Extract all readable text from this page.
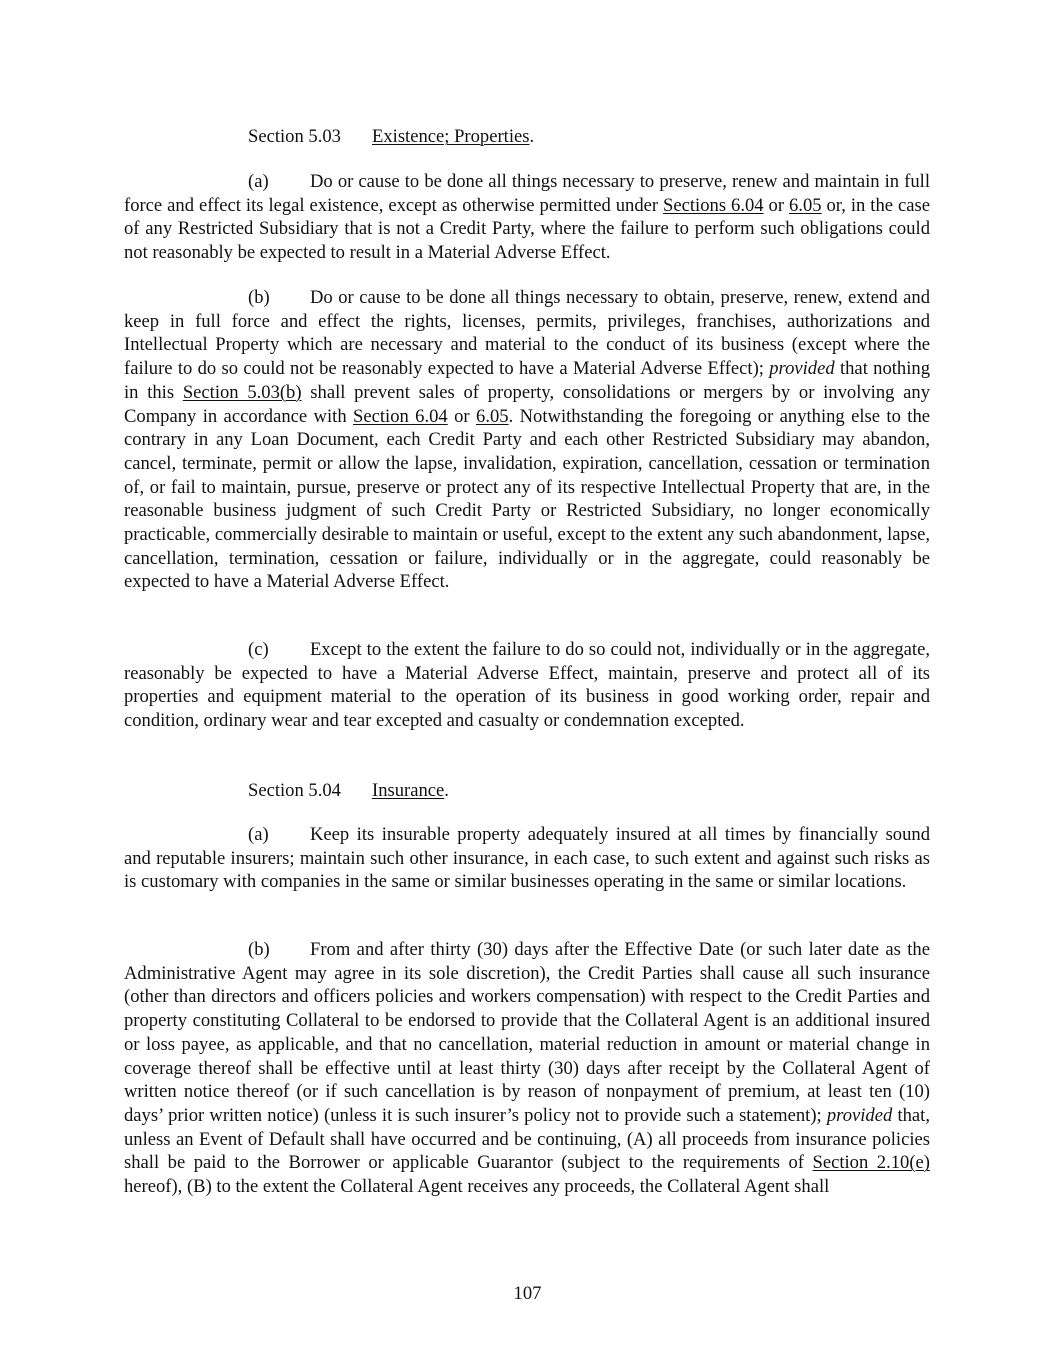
Section 5.03 Existence; Properties.

(a) Do or cause to be done all things necessary to preserve, renew and maintain in full force and effect its legal existence, except as otherwise permitted under Sections 6.04 or 6.05 or, in the case of any Restricted Subsidiary that is not a Credit Party, where the failure to perform such obligations could not reasonably be expected to result in a Material Adverse Effect.

(b) Do or cause to be done all things necessary to obtain, preserve, renew, extend and keep in full force and effect the rights, licenses, permits, privileges, franchises, authorizations and Intellectual Property which are necessary and material to the conduct of its business (except where the failure to do so could not be reasonably expected to have a Material Adverse Effect); provided that nothing in this Section 5.03(b) shall prevent sales of property, consolidations or mergers by or involving any Company in accordance with Section 6.04 or 6.05. Notwithstanding the foregoing or anything else to the contrary in any Loan Document, each Credit Party and each other Restricted Subsidiary may abandon, cancel, terminate, permit or allow the lapse, invalidation, expiration, cancellation, cessation or termination of, or fail to maintain, pursue, preserve or protect any of its respective Intellectual Property that are, in the reasonable business judgment of such Credit Party or Restricted Subsidiary, no longer economically practicable, commercially desirable to maintain or useful, except to the extent any such abandonment, lapse, cancellation, termination, cessation or failure, individually or in the aggregate, could reasonably be expected to have a Material Adverse Effect.

(c) Except to the extent the failure to do so could not, individually or in the aggregate, reasonably be expected to have a Material Adverse Effect, maintain, preserve and protect all of its properties and equipment material to the operation of its business in good working order, repair and condition, ordinary wear and tear excepted and casualty or condemnation excepted.

Section 5.04 Insurance.

(a) Keep its insurable property adequately insured at all times by financially sound and reputable insurers; maintain such other insurance, in each case, to such extent and against such risks as is customary with companies in the same or similar businesses operating in the same or similar locations.

(b) From and after thirty (30) days after the Effective Date (or such later date as the Administrative Agent may agree in its sole discretion), the Credit Parties shall cause all such insurance (other than directors and officers policies and workers compensation) with respect to the Credit Parties and property constituting Collateral to be endorsed to provide that the Collateral Agent is an additional insured or loss payee, as applicable, and that no cancellation, material reduction in amount or material change in coverage thereof shall be effective until at least thirty (30) days after receipt by the Collateral Agent of written notice thereof (or if such cancellation is by reason of nonpayment of premium, at least ten (10) days’ prior written notice) (unless it is such insurer’s policy not to provide such a statement); provided that, unless an Event of Default shall have occurred and be continuing, (A) all proceeds from insurance policies shall be paid to the Borrower or applicable Guarantor (subject to the requirements of Section 2.10(e) hereof), (B) to the extent the Collateral Agent receives any proceeds, the Collateral Agent shall

107
